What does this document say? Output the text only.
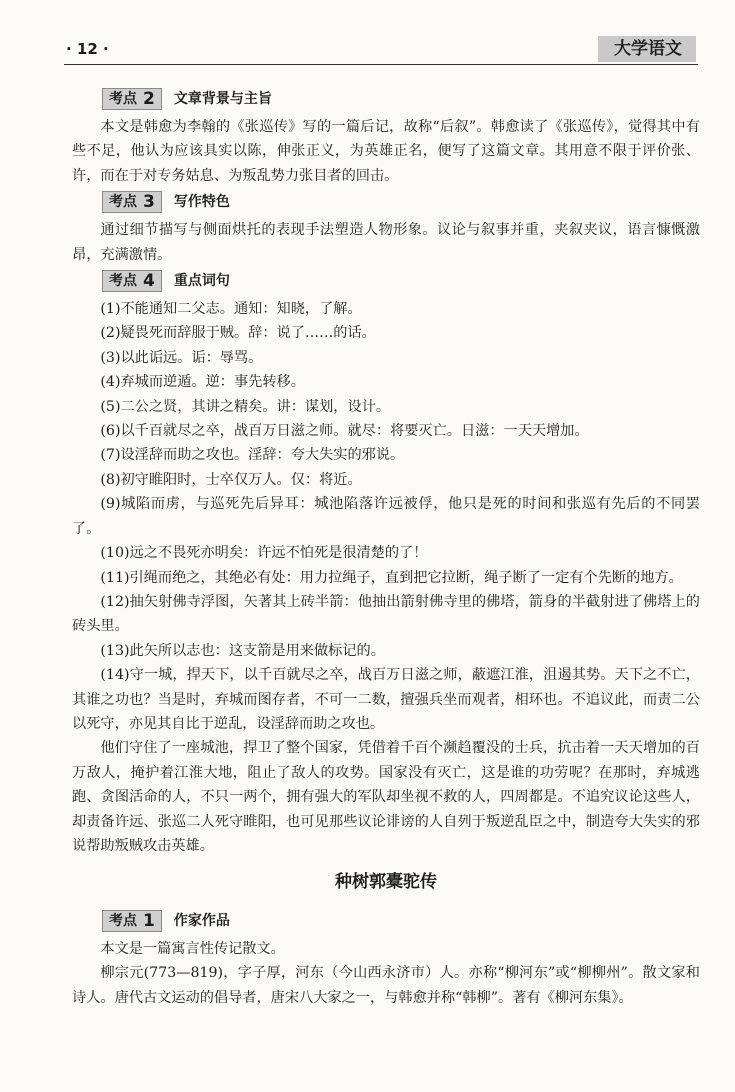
· 12 ·	大学语文
考点 2 文章背景与主旨

本文是韩愈为李翰的《张巡传》写的一篇后记，故称“后叙”。韩愈读了《张巡传》，觉得其中有些不足，他认为应该具实以陈，伸张正义，为英雄正名，便写了这篇文章。其用意不限于评价张、许，而在于对专务姑息、为叛乱势力张目者的回击。

考点 3 写作特色

通过细节描写与侧面烘托的表现手法塑造人物形象。议论与叙事并重，夹叙夹议，语言慷慨激昂，充满激情。

考点 4 重点词句
(1)不能通知二父志。通知：知晓，了解。
(2)疑畏死而辞服于贼。辞：说了……的话。
(3)以此诟远。诟：辱骂。
(4)弃城而逆遁。逆：事先转移。
(5)二公之贤，其讲之精矣。讲：谋划，设计。
(6)以千百就尽之卒，战百万日滋之师。就尽：将要灭亡。日滋：一天天增加。
(7)设淫辞而助之攻也。淫辞：夸大失实的邪说。
(8)初守睢阳时，士卒仅万人。仅：将近。
(9)城陷而虏，与巡死先后异耳：城池陷落许远被俘，他只是死的时间和张巡有先后的不同罢了。
(10)远之不畏死亦明矣：许远不怕死是很清楚的了！
(11)引绳而绝之，其绝必有处：用力拉绳子，直到把它拉断，绳子断了一定有个先断的地方。
(12)抽矢射佛寺浮图，矢著其上砖半箭：他抽出箭射佛寺里的佛塔，箭身的半截射进了佛塔上的砖头里。
(13)此矢所以志也：这支箭是用来做标记的。
(14)守一城，捍天下，以千百就尽之卒，战百万日滋之师，蔽遮江淮，沮遏其势。天下之不亡，其谁之功也？当是时，弃城而图存者，不可一二数，擅强兵坐而观者，相环也。不追议此，而责二公以死守，亦见其自比于逆乱，设淫辞而助之攻也。

他们守住了一座城池，捍卫了整个国家，凭借着千百个濒趋覆没的士兵，抗击着一天天增加的百万敌人，掩护着江淮大地，阻止了敌人的攻势。国家没有灭亡，这是谁的功劳呢？在那时，弃城逃跑、贪图活命的人，不只一两个，拥有强大的军队却坐视不救的人，四周都是。不追究议论这些人，却责备许远、张巡二人死守睢阳，也可见那些议论诽谤的人自列于叛逆乱臣之中，制造夸大失实的邪说帮助叛贼攻击英雄。

种树郭橐驼传
考点 1 作家作品

本文是一篇寓言性传记散文。

柳宗元(773—819)，字子厚，河东（今山西永济市）人。亦称“柳河东”或“柳柳州”。散文家和诗人。唐代古文运动的倡导者，唐宋八大家之一，与韩愈并称“韩柳”。著有《柳河东集》。
